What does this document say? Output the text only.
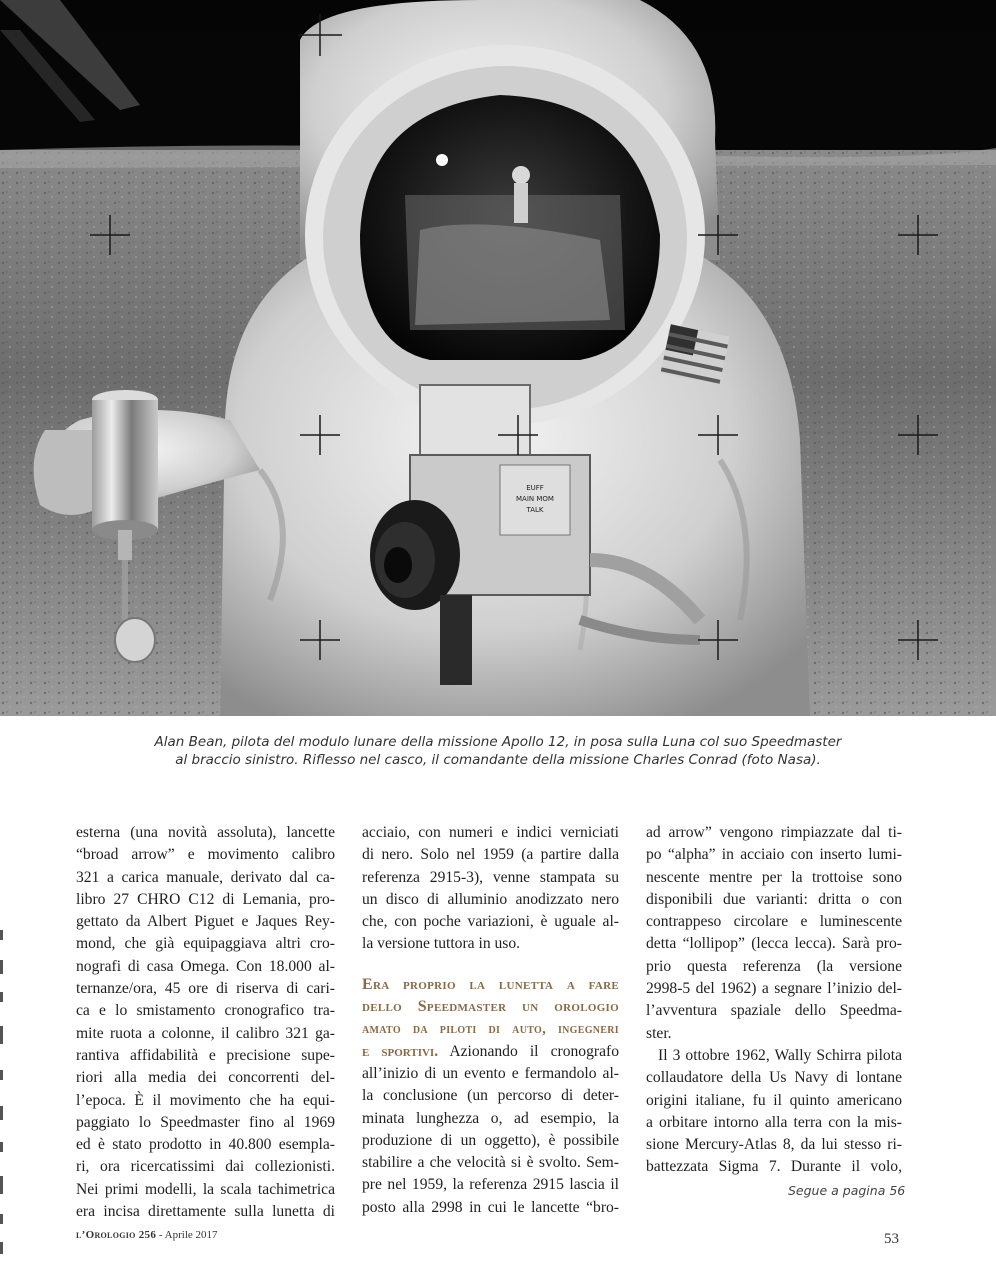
EUFF
MAIN MOM
TALK
Alan Bean, pilota del modulo lunare della missione Apollo 12, in posa sulla Luna col suo Speedmaster
al braccio sinistro. Riflesso nel casco, il comandante della missione Charles Conrad (foto Nasa).
esterna (una novità assoluta), lancette
“broad arrow” e movimento calibro
321 a carica manuale, derivato dal ca-
libro 27 CHRO C12 di Lemania, pro-
gettato da Albert Piguet e Jaques Rey-
mond, che già equipaggiava altri cro-
nografi di casa Omega. Con 18.000 al-
ternanze/ora, 45 ore di riserva di cari-
ca e lo smistamento cronografico tra-
mite ruota a colonne, il calibro 321 ga-
rantiva affidabilità e precisione supe-
riori alla media dei concorrenti del-
l’epoca. È il movimento che ha equi-
paggiato lo Speedmaster fino al 1969
ed è stato prodotto in 40.800 esempla-
ri, ora ricercatissimi dai collezionisti.
Nei primi modelli, la scala tachimetrica
era incisa direttamente sulla lunetta di
acciaio, con numeri e indici verniciati
di nero. Solo nel 1959 (a partire dalla
referenza 2915-3), venne stampata su
un disco di alluminio anodizzato nero
che, con poche variazioni, è uguale al-
la versione tuttora in uso.
Era proprio la lunetta a fare
dello Speedmaster un orologio
amato da piloti di auto, ingegneri
e sportivi. Azionando il cronografo
all’inizio di un evento e fermandolo al-
la conclusione (un percorso di deter-
minata lunghezza o, ad esempio, la
produzione di un oggetto), è possibile
stabilire a che velocità si è svolto. Sem-
pre nel 1959, la referenza 2915 lascia il
posto alla 2998 in cui le lancette “bro-
ad arrow” vengono rimpiazzate dal ti-
po “alpha” in acciaio con inserto lumi-
nescente mentre per la trottoise sono
disponibili due varianti: dritta o con
contrappeso circolare e luminescente
detta “lollipop” (lecca lecca). Sarà pro-
prio questa referenza (la versione
2998-5 del 1962) a segnare l’inizio del-
l’avventura spaziale dello Speedma-
ster.
Il 3 ottobre 1962, Wally Schirra pilota
collaudatore della Us Navy di lontane
origini italiane, fu il quinto americano
a orbitare intorno alla terra con la mis-
sione Mercury-Atlas 8, da lui stesso ri-
battezzata Sigma 7. Durante il volo,
Segue a pagina 56
l’Orologio 256 - Aprile 2017	53
